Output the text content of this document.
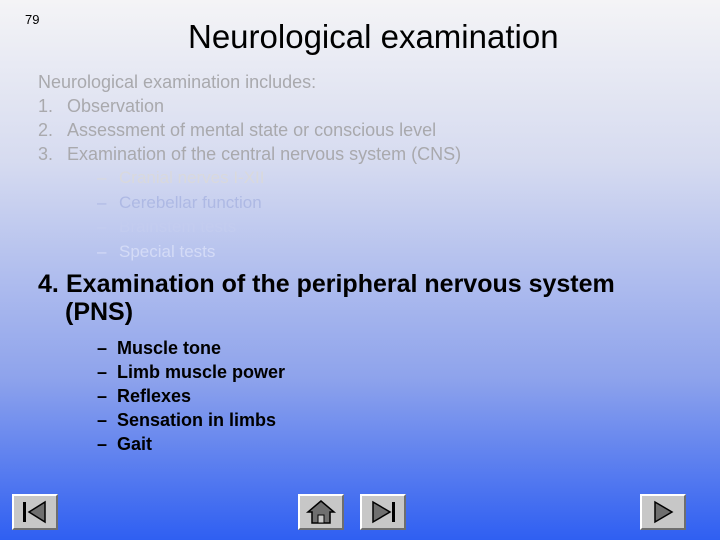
79	Neurological examination
Neurological examination includes:
1. Observation
2. Assessment of mental state or conscious level
3. Examination of the central nervous system (CNS)
– Cranial nerves I-XII
– Cerebellar function
– Brainstem tests
– Special tests
4. Examination of the peripheral nervous system
(PNS)
– Muscle tone
– Limb muscle power
– Reflexes
– Sensation in limbs
– Gait
